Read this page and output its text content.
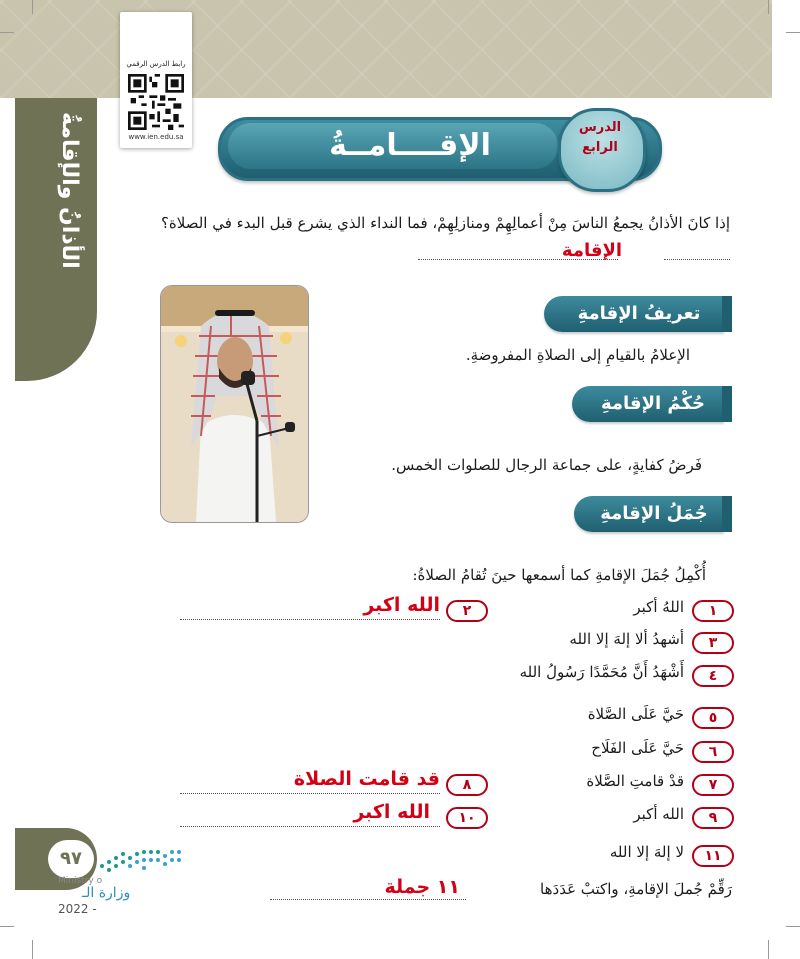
الأذانُ والإقامةُ
رابط الدرس الرقمي
www.ien.edu.sa	الإقــــامــةُ
الدرس الرابع
إذا كانَ الأذانُ يجمعُ الناسَ مِنْ أعمالِهِمْ ومنازلِهِمْ، فما النداء الذي يشرع قبل البدء في الصلاة؟
الإقامة
تعريفُ الإقامةِ
الإعلامُ بالقيامِ إلى الصلاةِ المفروضةِ.
حُكْمُ الإقامةِ
فَرضُ كفايةٍ، على جماعة الرجال للصلوات الخمس.
جُمَلُ الإقامةِ
أُكْمِلُ جُمَلَ الإقامةِ كما أسمعها حينَ تُقامُ الصلاةُ:
١
اللهُ أكبر
٢
الله اكبر
٣
أشهدُ ألا إلهَ إلا الله
٤
أَشْهَدُ أَنَّ مُحَمَّدًا رَسُولُ الله
٥
حَيَّ عَلَى الصَّلاة
٦
حَيَّ عَلَى الفَلَاح
٧
قدْ قامتِ الصَّلاة
٨
قد قامت الصلاة
٩
الله أكبر
١٠
الله اكبر
١١
لا إلهَ إلا الله
رَقِّمْ جُملَ الإقامةِ، واكتبْ عَدَدَها
١١ جملة
٩٧
Ministry o
وزارة الـ
2022 -
